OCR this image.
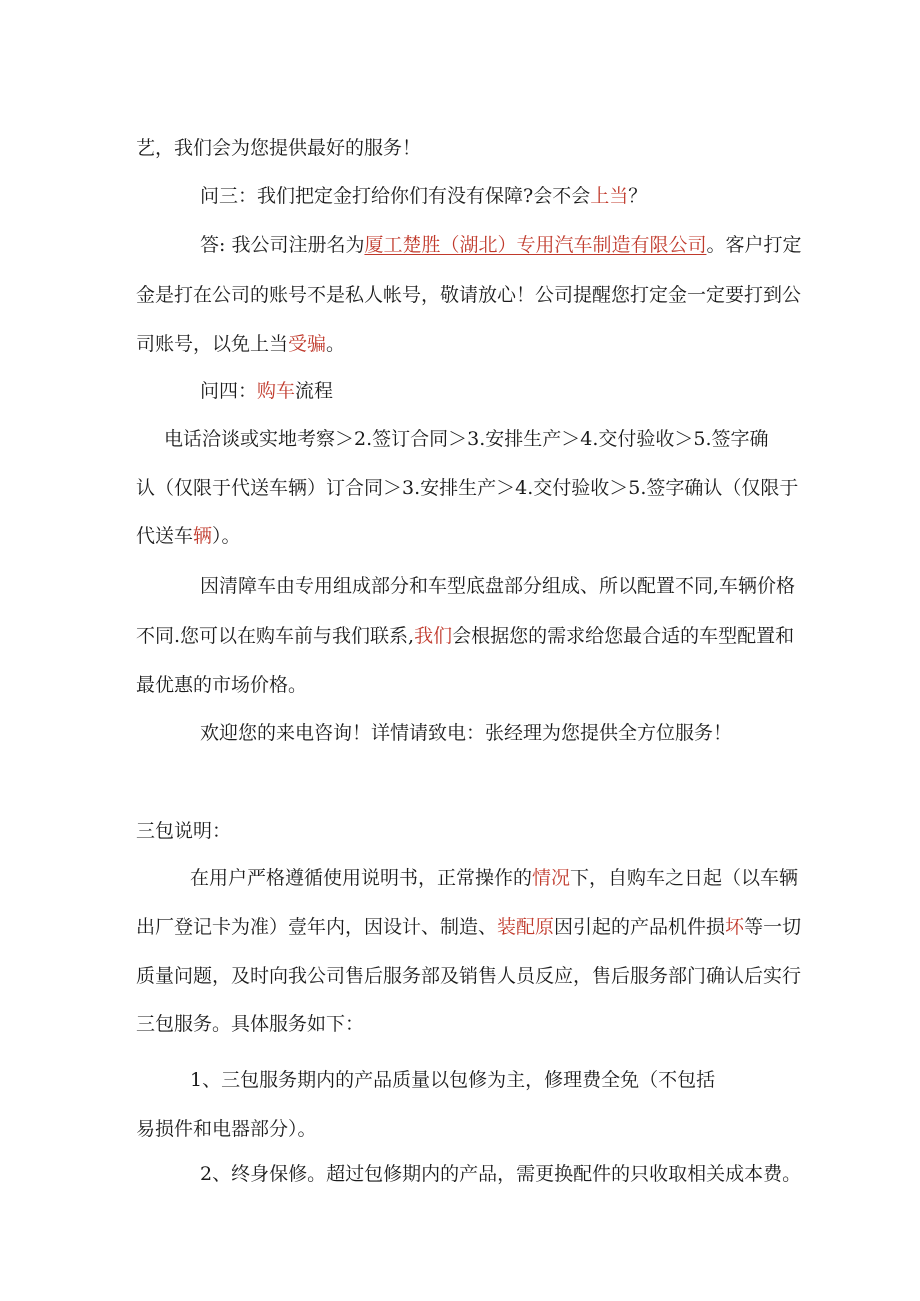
艺，我们会为您提供最好的服务！
问三：我们把定金打给你们有没有保障?会不会上当？
答: 我公司注册名为厦工楚胜（湖北）专用汽车制造有限公司。客户打定
金是打在公司的账号不是私人帐号，敬请放心！公司提醒您打定金一定要打到公
司账号，以免上当受骗。
问四：购车流程
电话洽谈或实地考察＞2.签订合同＞3.安排生产＞4.交付验收＞5.签字确
认（仅限于代送车辆）订合同＞3.安排生产＞4.交付验收＞5.签字确认（仅限于
代送车辆）。
因清障车由专用组成部分和车型底盘部分组成、所以配置不同,车辆价格
不同.您可以在购车前与我们联系,我们会根据您的需求给您最合适的车型配置和
最优惠的市场价格。
欢迎您的来电咨询！详情请致电：张经理为您提供全方位服务！
三包说明：
在用户严格遵循使用说明书，正常操作的情况下，自购车之日起（以车辆
出厂登记卡为准）壹年内，因设计、制造、装配原因引起的产品机件损坏等一切
质量问题，及时向我公司售后服务部及销售人员反应，售后服务部门确认后实行
三包服务。具体服务如下：
1、三包服务期内的产品质量以包修为主，修理费全免（不包括
易损件和电器部分）。
2、终身保修。超过包修期内的产品，需更换配件的只收取相关成本费。
